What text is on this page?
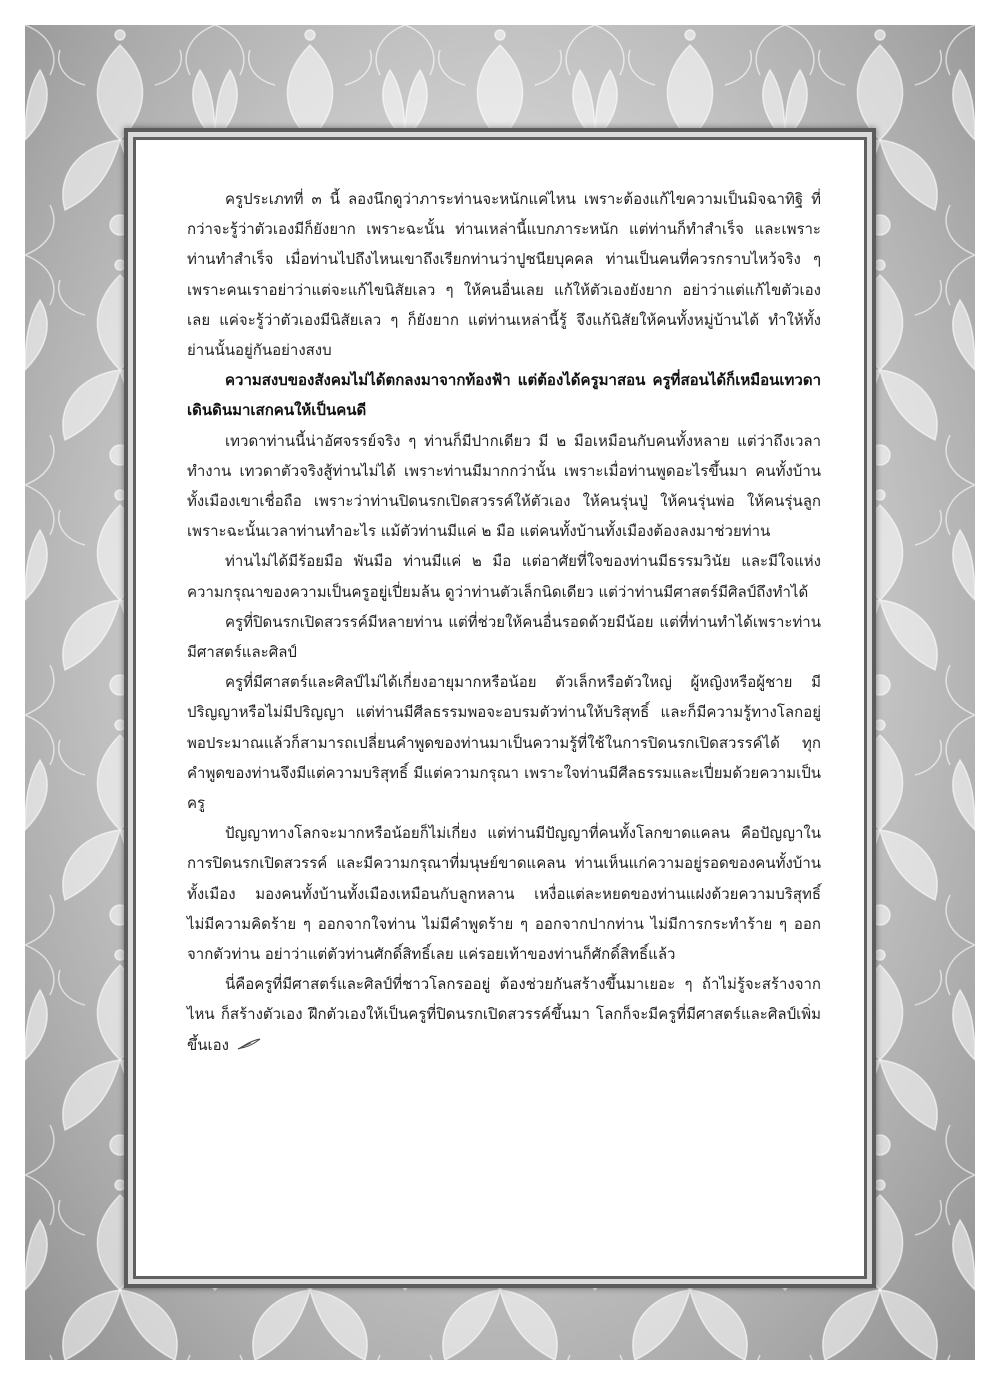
ครูประเภทที่ ๓ นี้ ลองนึกดูว่าภาระท่านจะหนักแค่ไหน เพราะต้องแก้ไขความเป็นมิจฉาทิฐิ ที่กว่าจะรู้ว่าตัวเองมีก็ยังยาก เพราะฉะนั้น ท่านเหล่านี้แบกภาระหนัก แต่ท่านก็ทำสำเร็จ และเพราะท่านทำสำเร็จ เมื่อท่านไปถึงไหนเขาถึงเรียกท่านว่าปูชนียบุคคล ท่านเป็นคนที่ควรกราบไหว้จริง ๆ เพราะคนเราอย่าว่าแต่จะแก้ไขนิสัยเลว ๆ ให้คนอื่นเลย แก้ให้ตัวเองยังยาก อย่าว่าแต่แก้ไขตัวเองเลย แค่จะรู้ว่าตัวเองมีนิสัยเลว ๆ ก็ยังยาก แต่ท่านเหล่านี้รู้ จึงแก้นิสัยให้คนทั้งหมู่บ้านได้ ทำให้ทั้งย่านนั้นอยู่กันอย่างสงบ

ความสงบของสังคมไม่ได้ตกลงมาจากท้องฟ้า แต่ต้องได้ครูมาสอน ครูที่สอนได้ก็เหมือนเทวดาเดินดินมาเสกคนให้เป็นคนดี

เทวดาท่านนี้น่าอัศจรรย์จริง ๆ ท่านก็มีปากเดียว มี ๒ มือเหมือนกับคนทั้งหลาย แต่ว่าถึงเวลาทำงาน เทวดาตัวจริงสู้ท่านไม่ได้ เพราะท่านมีมากกว่านั้น เพราะเมื่อท่านพูดอะไรขึ้นมา คนทั้งบ้านทั้งเมืองเขาเชื่อถือ เพราะว่าท่านปิดนรกเปิดสวรรค์ให้ตัวเอง ให้คนรุ่นปู่ ให้คนรุ่นพ่อ ให้คนรุ่นลูก เพราะฉะนั้นเวลาท่านทำอะไร แม้ตัวท่านมีแค่ ๒ มือ แต่คนทั้งบ้านทั้งเมืองต้องลงมาช่วยท่าน

ท่านไม่ได้มีร้อยมือ พันมือ ท่านมีแค่ ๒ มือ แต่อาศัยที่ใจของท่านมีธรรมวินัย และมีใจแห่งความกรุณาของความเป็นครูอยู่เปี่ยมล้น ดูว่าท่านตัวเล็กนิดเดียว แต่ว่าท่านมีศาสตร์มีศิลป์ถึงทำได้

ครูที่ปิดนรกเปิดสวรรค์มีหลายท่าน แต่ที่ช่วยให้คนอื่นรอดด้วยมีน้อย แต่ที่ท่านทำได้เพราะท่านมีศาสตร์และศิลป์

ครูที่มีศาสตร์และศิลป์ไม่ได้เกี่ยงอายุมากหรือน้อย ตัวเล็กหรือตัวใหญ่ ผู้หญิงหรือผู้ชาย มีปริญญาหรือไม่มีปริญญา แต่ท่านมีศีลธรรมพอจะอบรมตัวท่านให้บริสุทธิ์ และก็มีความรู้ทางโลกอยู่พอประมาณแล้วก็สามารถเปลี่ยนคำพูดของท่านมาเป็นความรู้ที่ใช้ในการปิดนรกเปิดสวรรค์ได้ ทุกคำพูดของท่านจึงมีแต่ความบริสุทธิ์ มีแต่ความกรุณา เพราะใจท่านมีศีลธรรมและเปี่ยมด้วยความเป็นครู

ปัญญาทางโลกจะมากหรือน้อยก็ไม่เกี่ยง แต่ท่านมีปัญญาที่คนทั้งโลกขาดแคลน คือปัญญาในการปิดนรกเปิดสวรรค์ และมีความกรุณาที่มนุษย์ขาดแคลน ท่านเห็นแก่ความอยู่รอดของคนทั้งบ้านทั้งเมือง มองคนทั้งบ้านทั้งเมืองเหมือนกับลูกหลาน เหงื่อแต่ละหยดของท่านแฝงด้วยความบริสุทธิ์ ไม่มีความคิดร้าย ๆ ออกจากใจท่าน ไม่มีคำพูดร้าย ๆ ออกจากปากท่าน ไม่มีการกระทำร้าย ๆ ออกจากตัวท่าน อย่าว่าแต่ตัวท่านศักดิ์สิทธิ์เลย แค่รอยเท้าของท่านก็ศักดิ์สิทธิ์แล้ว

นี่คือครูที่มีศาสตร์และศิลป์ที่ชาวโลกรออยู่ ต้องช่วยกันสร้างขึ้นมาเยอะ ๆ ถ้าไม่รู้จะสร้างจากไหน ก็สร้างตัวเอง ฝึกตัวเองให้เป็นครูที่ปิดนรกเปิดสวรรค์ขึ้นมา โลกก็จะมีครูที่มีศาสตร์และศิลป์เพิ่มขึ้นเอง
